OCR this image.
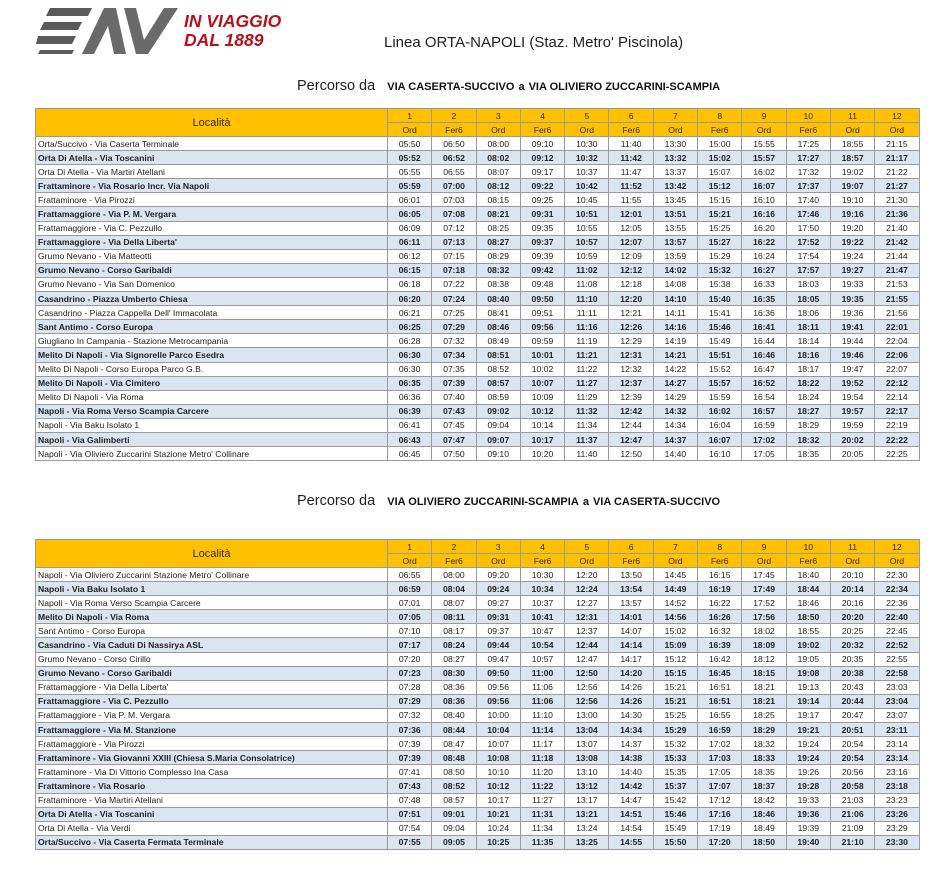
IN VIAGGIO
DAL 1889	Linea ORTA-NAPOLI (Staz. Metro' Piscinola)
Percorso da VIA CASERTA-SUCCIVO a VIA OLIVIERO ZUCCARINI-SCAMPIA
Località	1	2	3	4	5	6	7	8	9	10	11	12
	Ord	Fer6	Ord	Fer6	Ord	Fer6	Ord	Fer6	Ord	Fer6	Ord	Ord
Orta/Succivo - Via Caserta Terminale	05:50	06:50	08:00	09:10	10:30	11:40	13:30	15:00	15:55	17:25	18:55	21:15
Orta Di Atella - Via Toscanini	05:52	06:52	08:02	09:12	10:32	11:42	13:32	15:02	15:57	17:27	18:57	21:17
Orta Di Atella - Via Martiri Atellani	05:55	06:55	08:07	09:17	10:37	11:47	13:37	15:07	16:02	17:32	19:02	21:22
Frattaminore - Via Rosario Incr. Via Napoli	05:59	07:00	08:12	09:22	10:42	11:52	13:42	15:12	16:07	17:37	19:07	21:27
Frattaminore - Via Pirozzi	06:01	07:03	08:15	09:25	10:45	11:55	13:45	15:15	16:10	17:40	19:10	21:30
Frattamaggiore - Via P. M. Vergara	06:05	07:08	08:21	09:31	10:51	12:01	13:51	15:21	16:16	17:46	19:16	21:36
Frattamaggiore - Via C. Pezzullo	06:09	07:12	08:25	09:35	10:55	12:05	13:55	15:25	16:20	17:50	19:20	21:40
Frattamaggiore - Via Della Liberta'	06:11	07:13	08:27	09:37	10:57	12:07	13:57	15:27	16:22	17:52	19:22	21:42
Grumo Nevano - Via Matteotti	06:12	07:15	08:29	09:39	10:59	12:09	13:59	15:29	16:24	17:54	19:24	21:44
Grumo Nevano - Corso Garibaldi	06:15	07:18	08:32	09:42	11:02	12:12	14:02	15:32	16:27	17:57	19:27	21:47
Grumo Nevano - Via San Domenico	06:18	07:22	08:38	09:48	11:08	12:18	14:08	15:38	16:33	18:03	19:33	21:53
Casandrino - Piazza Umberto Chiesa	06:20	07:24	08:40	09:50	11:10	12:20	14:10	15:40	16:35	18:05	19:35	21:55
Casandrino - Piazza Cappella Dell' Immacolata	06:21	07:25	08:41	09:51	11:11	12:21	14:11	15:41	16:36	18:06	19:36	21:56
Sant Antimo - Corso Europa	06:25	07:29	08:46	09:56	11:16	12:26	14:16	15:46	16:41	18:11	19:41	22:01
Giugliano In Campania - Stazione Metrocampania	06:28	07:32	08:49	09:59	11:19	12:29	14:19	15:49	16:44	18:14	19:44	22:04
Melito Di Napoli - Via Signorelle Parco Esedra	06:30	07:34	08:51	10:01	11:21	12:31	14:21	15:51	16:46	18:16	19:46	22:06
Melito Di Napoli - Corso Europa Parco G.B.	06:30	07:35	08:52	10:02	11:22	12:32	14:22	15:52	16:47	18:17	19:47	22:07
Melito Di Napoli - Via Cimitero	06:35	07:39	08:57	10:07	11:27	12:37	14:27	15:57	16:52	18:22	19:52	22:12
Melito Di Napoli - Via Roma	06:36	07:40	08:59	10:09	11:29	12:39	14:29	15:59	16:54	18:24	19:54	22:14
Napoli - Via Roma Verso Scampia Carcere	06:39	07:43	09:02	10:12	11:32	12:42	14:32	16:02	16:57	18:27	19:57	22:17
Napoli - Via Baku Isolato 1	06:41	07:45	09:04	10:14	11:34	12:44	14:34	16:04	16:59	18:29	19:59	22:19
Napoli - Via Galimberti	06:43	07:47	09:07	10:17	11:37	12:47	14:37	16:07	17:02	18:32	20:02	22:22
Napoli - Via Oliviero Zuccarini Stazione Metro' Collinare	06:45	07:50	09:10	10:20	11:40	12:50	14:40	16:10	17:05	18:35	20:05	22:25
Percorso da VIA OLIVIERO ZUCCARINI-SCAMPIA a VIA CASERTA-SUCCIVO
Località	1	2	3	4	5	6	7	8	9	10	11	12
	Ord	Fer6	Ord	Fer6	Ord	Fer6	Ord	Fer6	Ord	Fer6	Ord	Ord
Napoli - Via Oliviero Zuccarini Stazione Metro' Collinare	06:55	08:00	09:20	10:30	12:20	13:50	14:45	16:15	17:45	18:40	20:10	22:30
Napoli - Via Baku Isolato 1	06:59	08:04	09:24	10:34	12:24	13:54	14:49	16:19	17:49	18:44	20:14	22:34
Napoli - Via Roma Verso Scampia Carcere	07:01	08:07	09:27	10:37	12:27	13:57	14:52	16:22	17:52	18:46	20:16	22:36
Melito Di Napoli - Via Roma	07:05	08:11	09:31	10:41	12:31	14:01	14:56	16:26	17:56	18:50	20:20	22:40
Sant Antimo - Corso Europa	07:10	08:17	09:37	10:47	12:37	14:07	15:02	16:32	18:02	18:55	20:25	22:45
Casandrino - Via Caduti Di Nassirya ASL	07:17	08:24	09:44	10:54	12:44	14:14	15:09	16:39	18:09	19:02	20:32	22:52
Grumo Nevano - Corso Cirillo	07:20	08:27	09:47	10:57	12:47	14:17	15:12	16:42	18:12	19:05	20:35	22:55
Grumo Nevano - Corso Garibaldi	07:23	08:30	09:50	11:00	12:50	14:20	15:15	16:45	18:15	19:08	20:38	22:58
Frattamaggiore - Via Della Liberta'	07:28	08:36	09:56	11:06	12:56	14:26	15:21	16:51	18:21	19:13	20:43	23:03
Frattamaggiore - Via C. Pezzullo	07:29	08:36	09:56	11:06	12:56	14:26	15:21	16:51	18:21	19:14	20:44	23:04
Frattamaggiore - Via P. M. Vergara	07:32	08:40	10:00	11:10	13:00	14:30	15:25	16:55	18:25	19:17	20:47	23:07
Frattamaggiore - Via M. Stanzione	07:36	08:44	10:04	11:14	13:04	14:34	15:29	16:59	18:29	19:21	20:51	23:11
Frattamaggiore - Via Pirozzi	07:39	08:47	10:07	11:17	13:07	14:37	15:32	17:02	18:32	19:24	20:54	23:14
Frattaminore - Via Giovanni XXIII (Chiesa S.Maria Consolatrice)	07:39	08:48	10:08	11:18	13:08	14:38	15:33	17:03	18:33	19:24	20:54	23:14
Frattaminore - Via Di Vittorio Complesso Ina Casa	07:41	08:50	10:10	11:20	13:10	14:40	15:35	17:05	18:35	19:26	20:56	23:16
Frattaminore - Via Rosario	07:43	08:52	10:12	11:22	13:12	14:42	15:37	17:07	18:37	19:28	20:58	23:18
Frattaminore - Via Martiri Atellani	07:48	08:57	10:17	11:27	13:17	14:47	15:42	17:12	18:42	19:33	21:03	23:23
Orta Di Atella - Via Toscanini	07:51	09:01	10:21	11:31	13:21	14:51	15:46	17:16	18:46	19:36	21:06	23:26
Orta Di Atella - Via Verdi	07:54	09:04	10:24	11:34	13:24	14:54	15:49	17:19	18:49	19:39	21:09	23:29
Orta/Succivo - Via Caserta Fermata Terminale	07:55	09:05	10:25	11:35	13:25	14:55	15:50	17:20	18:50	19:40	21:10	23:30
